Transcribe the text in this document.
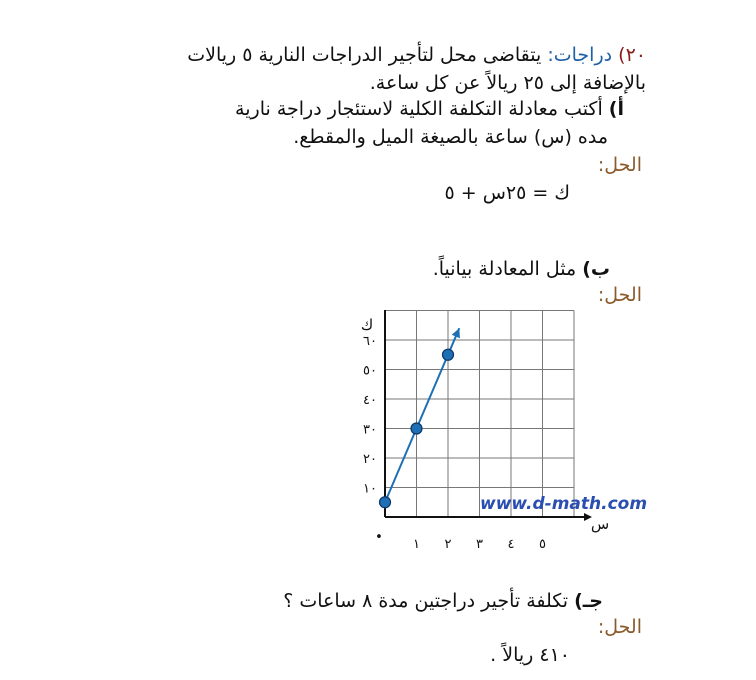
٢٠) دراجات: يتقاضى محل لتأجير الدراجات النارية ٥ ريالات
بالإضافة إلى ٢٥ ريالاً عن كل ساعة.
أ) أكتب معادلة التكلفة الكلية لاستئجار دراجة نارية
مده (س) ساعة بالصيغة الميل والمقطع.
الحل:
ك = ٢٥س + ٥
ب) مثل المعادلة بيانياً.
الحل:
١ ٢ ٣ ٤ ٥
١٠
٢٠
٣٠
٤٠
٥٠
٦٠
www.d-math.com
س
ك
•
جـ) تكلفة تأجير دراجتين مدة ٨ ساعات ؟
الحل:
٤١٠ ريالاً .
